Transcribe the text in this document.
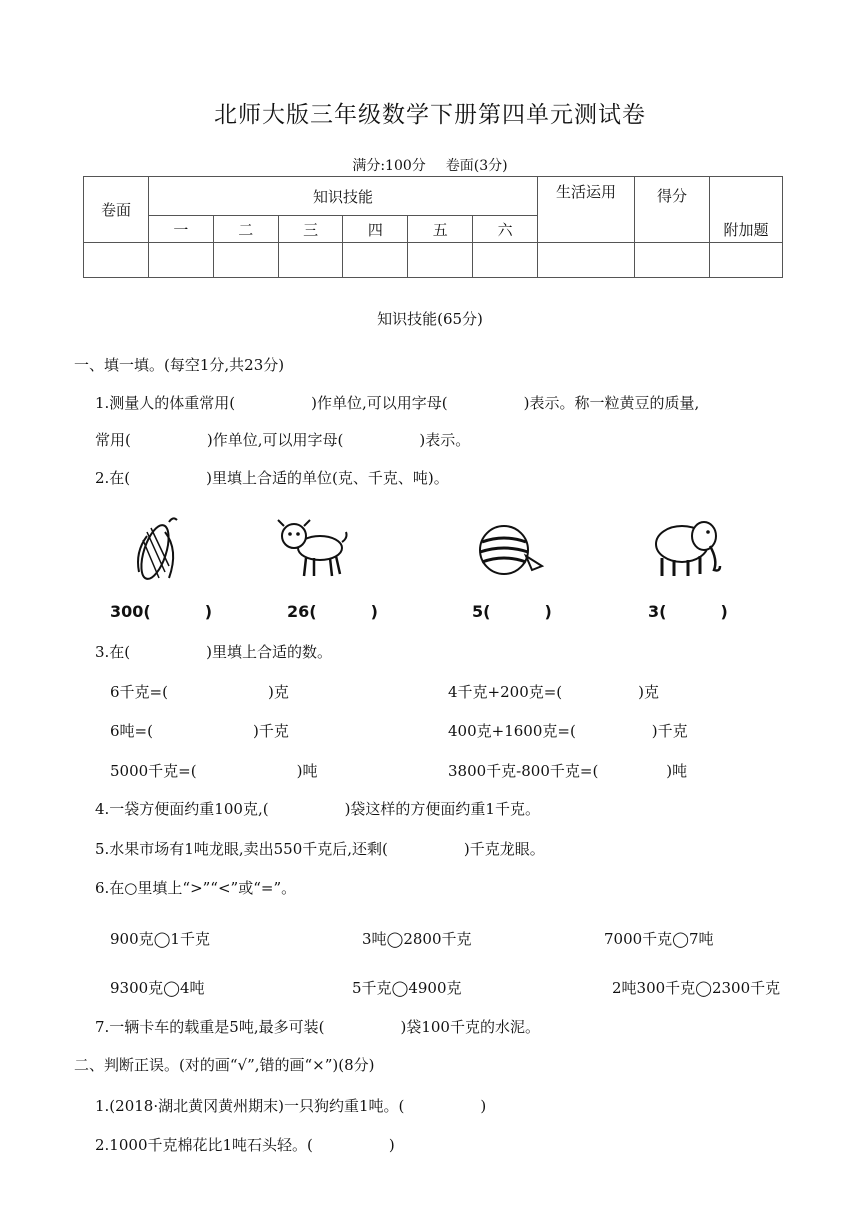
北师大版三年级数学下册第四单元测试卷
满分:100分 卷面(3分)
卷面	知识技能						生活运用	得分	附加题
	一	二	三	四	五	六			

知识技能(65分)
一、填一填。(每空1分,共23分)
1.测量人的体重常用(	)作单位,可以用字母(	)表示。称一粒黄豆的质量,
常用(	)作单位,可以用字母(	)表示。
2.在(	)里填上合适的单位(克、千克、吨)。
300(	)	26(	)	5(	)	3(	)
3.在(	)里填上合适的数。
6千克=(	)克	4千克+200克=(	)克
6吨=(	)千克	400克+1600克=(	)千克
5000千克=(	)吨	3800千克-800千克=(	)吨
4.一袋方便面约重100克,(	)袋这样的方便面约重1千克。
5.水果市场有1吨龙眼,卖出550千克后,还剩(	)千克龙眼。
6.在○里填上“>”“<”或“=”。
900克◯1千克	3吨◯2800千克	7000千克◯7吨
9300克◯4吨	5千克◯4900克	2吨300千克◯2300千克
7.一辆卡车的载重是5吨,最多可装(	)袋100千克的水泥。
二、判断正误。(对的画“√”,错的画“×”)(8分)
1.(2018·湖北黄冈黄州期末)一只狗约重1吨。(	)
2.1000千克棉花比1吨石头轻。(	)
